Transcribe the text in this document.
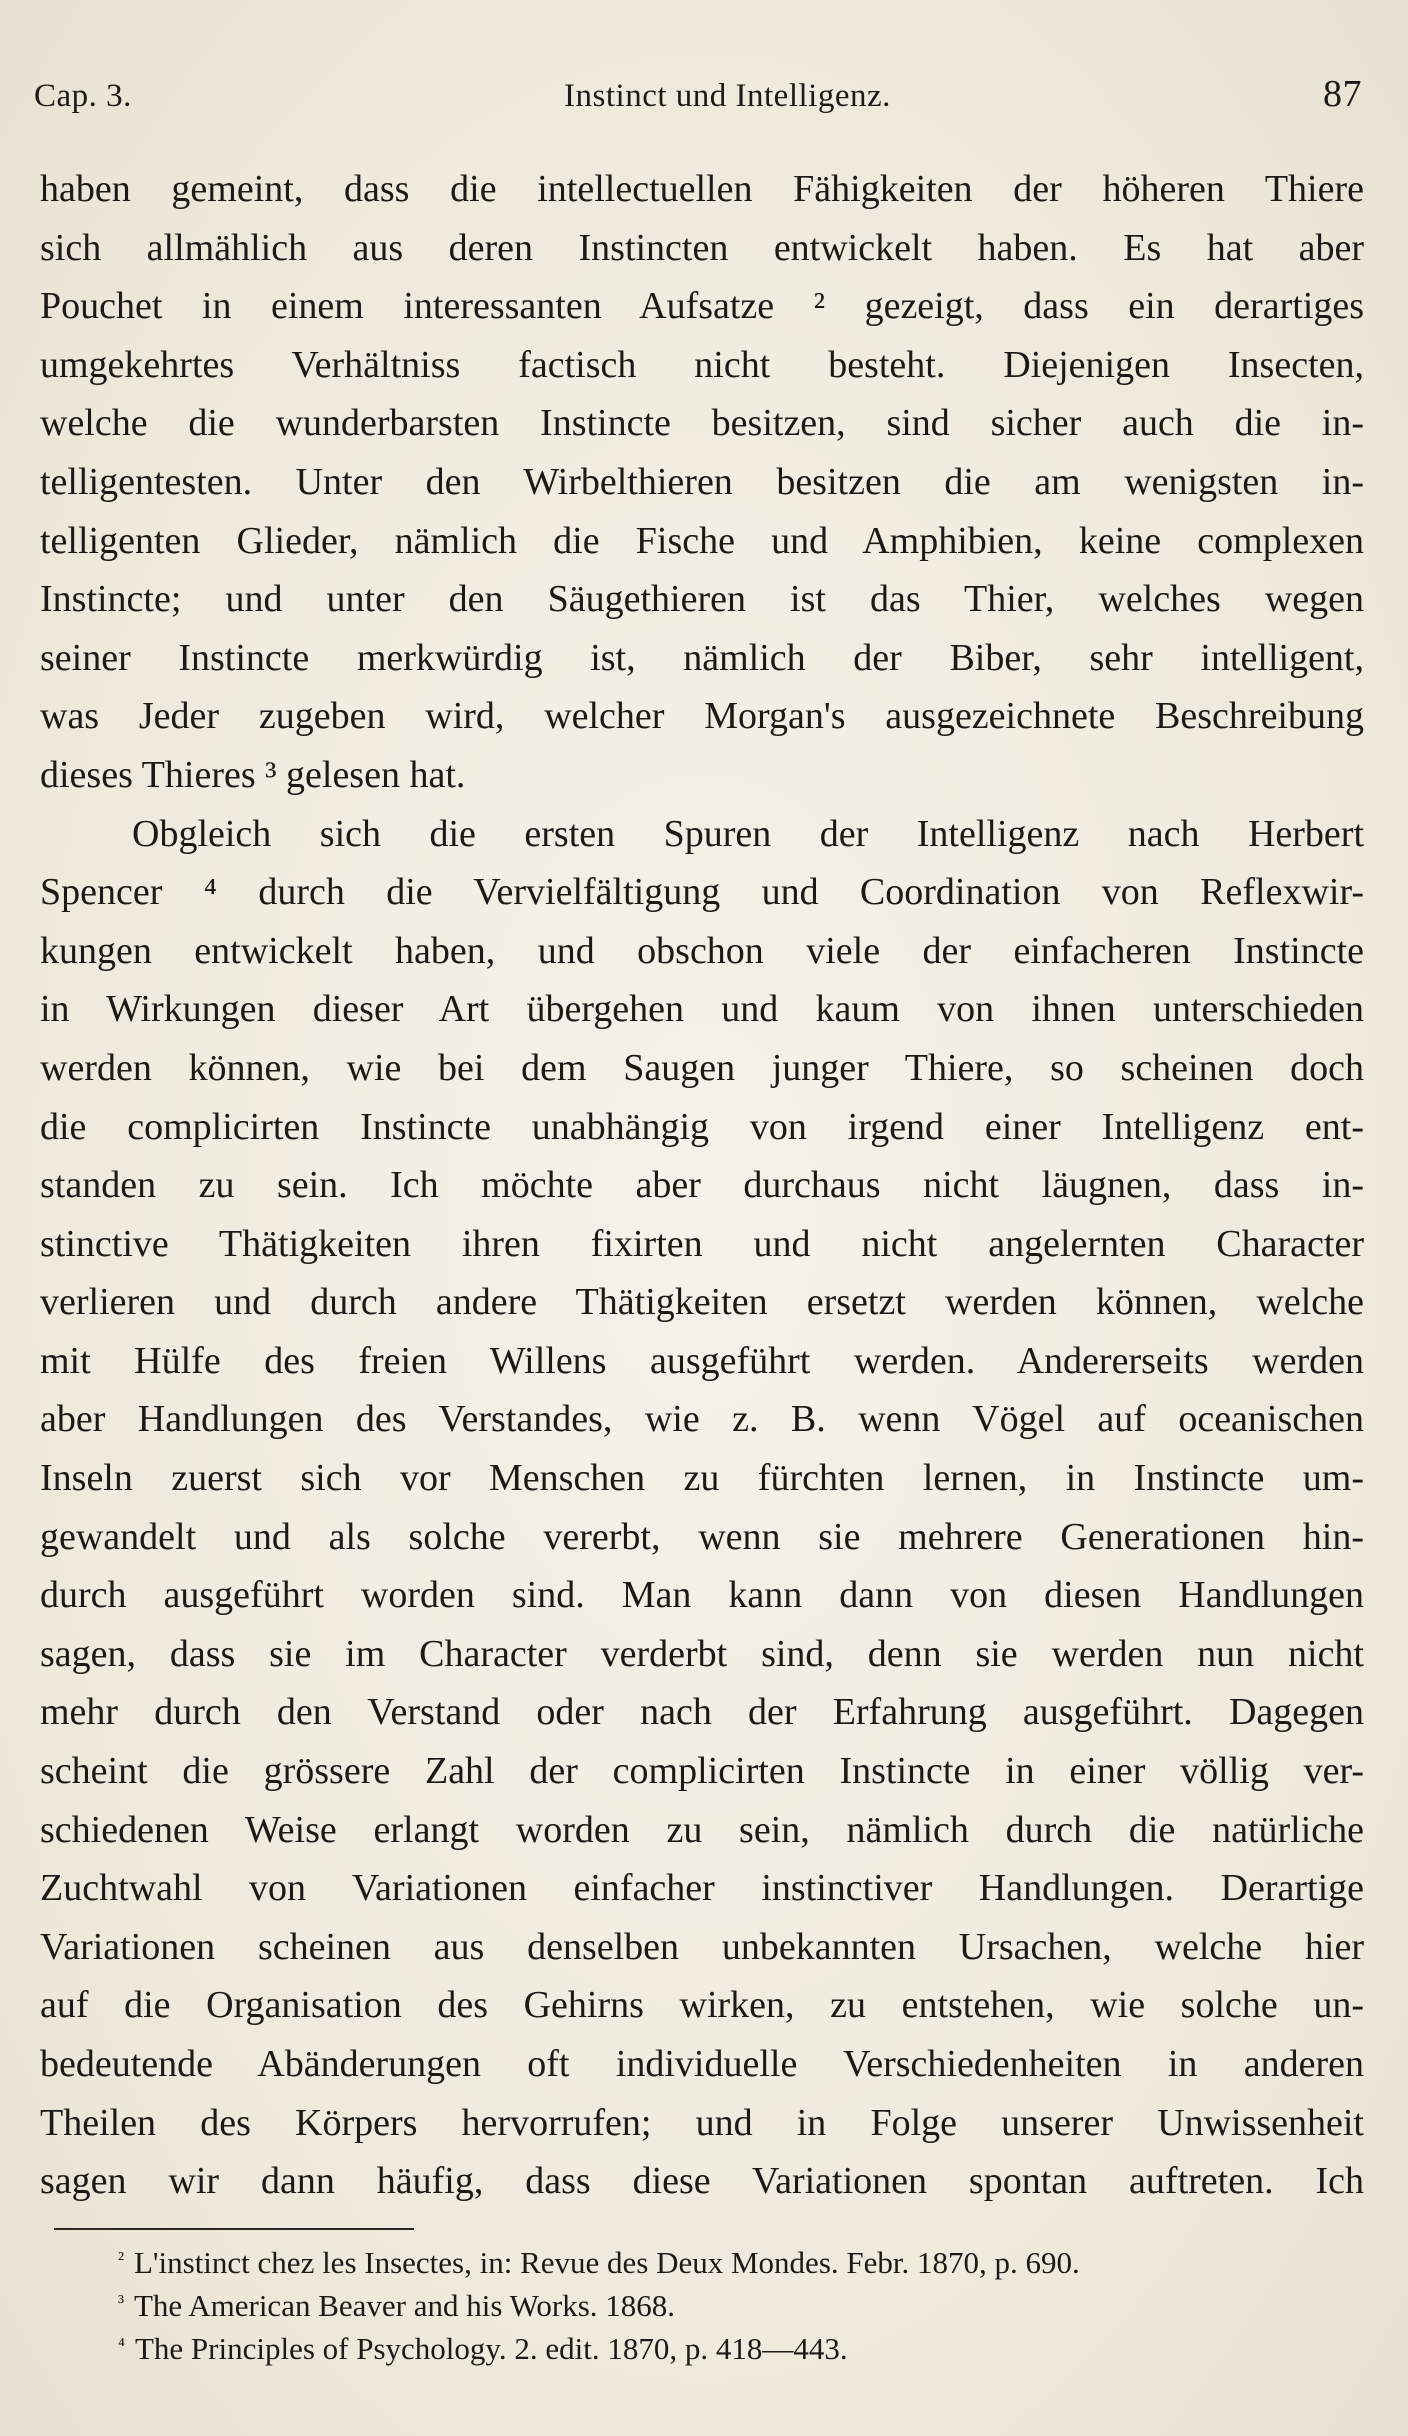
Cap. 3.	Instinct und Intelligenz.	87
haben gemeint, dass die intellectuellen Fähigkeiten der höheren Thiere
sich allmählich aus deren Instincten entwickelt haben. Es hat aber
Pouchet in einem interessanten Aufsatze ² gezeigt, dass ein derartiges
umgekehrtes Verhältniss factisch nicht besteht. Diejenigen Insecten,
welche die wunderbarsten Instincte besitzen, sind sicher auch die in-
telligentesten. Unter den Wirbelthieren besitzen die am wenigsten in-
telligenten Glieder, nämlich die Fische und Amphibien, keine complexen
Instincte; und unter den Säugethieren ist das Thier, welches wegen
seiner Instincte merkwürdig ist, nämlich der Biber, sehr intelligent,
was Jeder zugeben wird, welcher Morgan's ausgezeichnete Beschreibung
dieses Thieres ³ gelesen hat.
Obgleich sich die ersten Spuren der Intelligenz nach Herbert
Spencer ⁴ durch die Vervielfältigung und Coordination von Reflexwir-
kungen entwickelt haben, und obschon viele der einfacheren Instincte
in Wirkungen dieser Art übergehen und kaum von ihnen unterschieden
werden können, wie bei dem Saugen junger Thiere, so scheinen doch
die complicirten Instincte unabhängig von irgend einer Intelligenz ent-
standen zu sein. Ich möchte aber durchaus nicht läugnen, dass in-
stinctive Thätigkeiten ihren fixirten und nicht angelernten Character
verlieren und durch andere Thätigkeiten ersetzt werden können, welche
mit Hülfe des freien Willens ausgeführt werden. Andererseits werden
aber Handlungen des Verstandes, wie z. B. wenn Vögel auf oceanischen
Inseln zuerst sich vor Menschen zu fürchten lernen, in Instincte um-
gewandelt und als solche vererbt, wenn sie mehrere Generationen hin-
durch ausgeführt worden sind. Man kann dann von diesen Handlungen
sagen, dass sie im Character verderbt sind, denn sie werden nun nicht
mehr durch den Verstand oder nach der Erfahrung ausgeführt. Dagegen
scheint die grössere Zahl der complicirten Instincte in einer völlig ver-
schiedenen Weise erlangt worden zu sein, nämlich durch die natürliche
Zuchtwahl von Variationen einfacher instinctiver Handlungen. Derartige
Variationen scheinen aus denselben unbekannten Ursachen, welche hier
auf die Organisation des Gehirns wirken, zu entstehen, wie solche un-
bedeutende Abänderungen oft individuelle Verschiedenheiten in anderen
Theilen des Körpers hervorrufen; und in Folge unserer Unwissenheit
sagen wir dann häufig, dass diese Variationen spontan auftreten. Ich
$^{^2}$ L'instinct chez les Insectes, in: Revue des Deux Mondes. Febr. 1870, p. 690.
$^{^3}$ The American Beaver and his Works. 1868.
$^{^4}$ The Principles of Psychology. 2. edit. 1870, p. 418—443.
